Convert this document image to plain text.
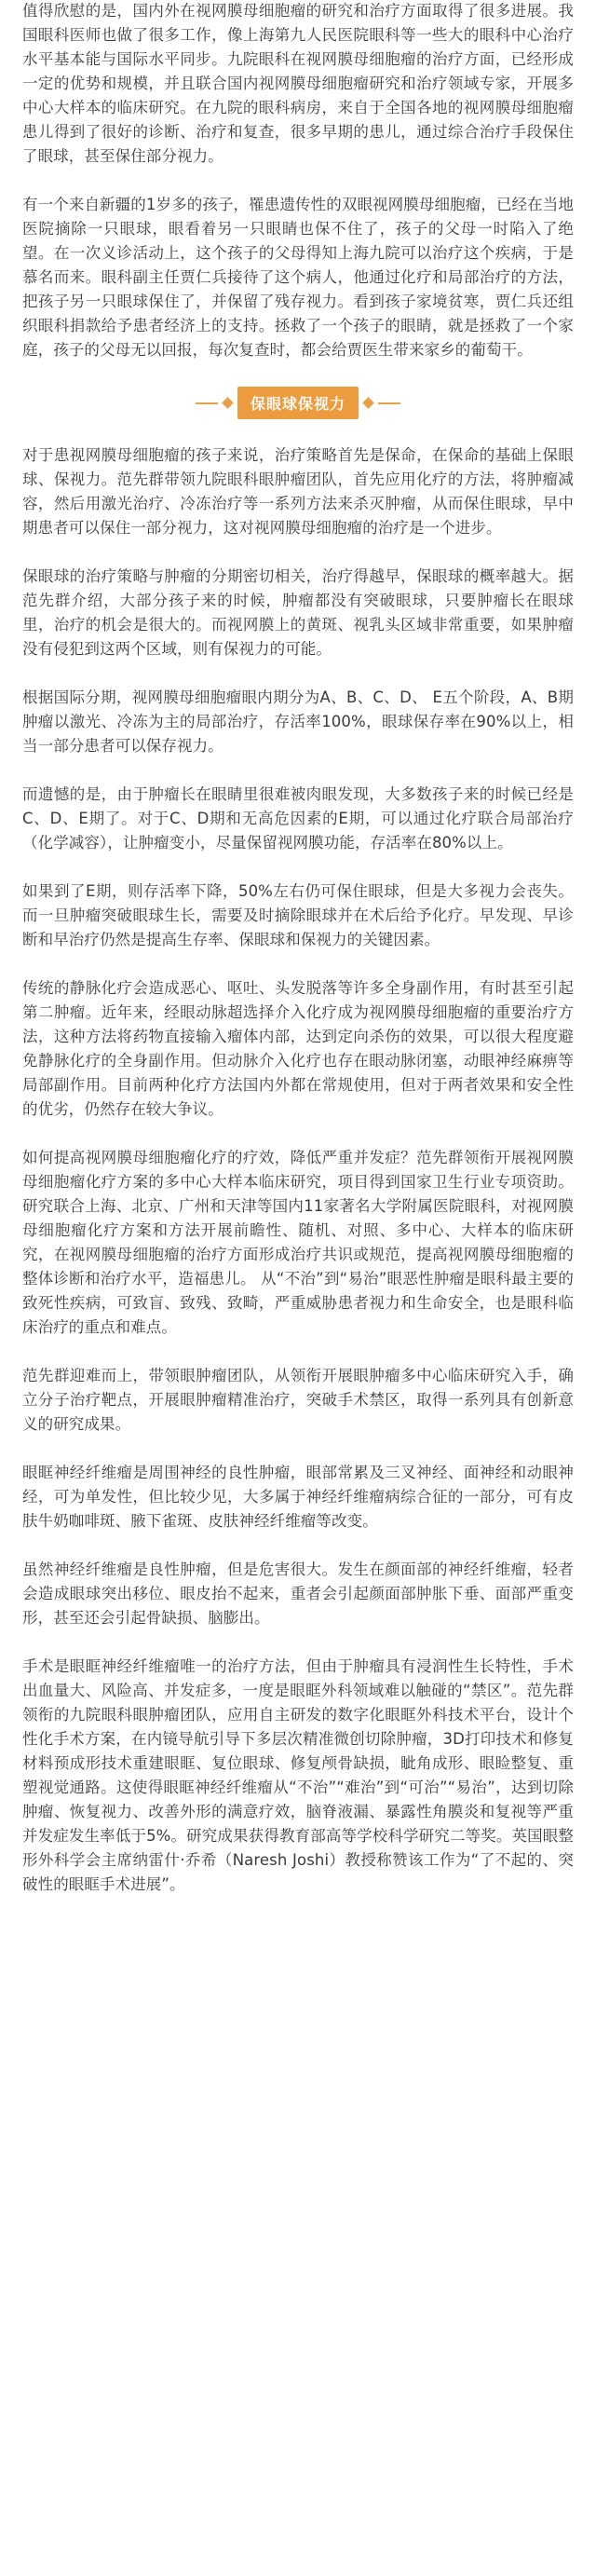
值得欣慰的是，国内外在视网膜母细胞瘤的研究和治疗方面取得了很多进展。我国眼科医师也做了很多工作，像上海第九人民医院眼科等一些大的眼科中心治疗水平基本能与国际水平同步。九院眼科在视网膜母细胞瘤的治疗方面，已经形成一定的优势和规模，并且联合国内视网膜母细胞瘤研究和治疗领域专家，开展多中心大样本的临床研究。在九院的眼科病房，来自于全国各地的视网膜母细胞瘤患儿得到了很好的诊断、治疗和复查，很多早期的患儿，通过综合治疗手段保住了眼球，甚至保住部分视力。

有一个来自新疆的1岁多的孩子，罹患遗传性的双眼视网膜母细胞瘤，已经在当地医院摘除一只眼球，眼看着另一只眼睛也保不住了，孩子的父母一时陷入了绝望。在一次义诊活动上，这个孩子的父母得知上海九院可以治疗这个疾病，于是慕名而来。眼科副主任贾仁兵接待了这个病人，他通过化疗和局部治疗的方法，把孩子另一只眼球保住了，并保留了残存视力。看到孩子家境贫寒，贾仁兵还组织眼科捐款给予患者经济上的支持。拯救了一个孩子的眼睛，就是拯救了一个家庭，孩子的父母无以回报，每次复查时，都会给贾医生带来家乡的葡萄干。

保眼球保视力

对于患视网膜母细胞瘤的孩子来说，治疗策略首先是保命，在保命的基础上保眼球、保视力。范先群带领九院眼科眼肿瘤团队，首先应用化疗的方法，将肿瘤减容，然后用激光治疗、冷冻治疗等一系列方法来杀灭肿瘤，从而保住眼球，早中期患者可以保住一部分视力，这对视网膜母细胞瘤的治疗是一个进步。

保眼球的治疗策略与肿瘤的分期密切相关，治疗得越早，保眼球的概率越大。据范先群介绍，大部分孩子来的时候，肿瘤都没有突破眼球，只要肿瘤长在眼球里，治疗的机会是很大的。而视网膜上的黄斑、视乳头区域非常重要，如果肿瘤没有侵犯到这两个区域，则有保视力的可能。

根据国际分期，视网膜母细胞瘤眼内期分为A、B、C、D、 E五个阶段，A、B期肿瘤以激光、冷冻为主的局部治疗，存活率100%，眼球保存率在90%以上，相当一部分患者可以保存视力。

而遗憾的是，由于肿瘤长在眼睛里很难被肉眼发现，大多数孩子来的时候已经是C、D、E期了。对于C、D期和无高危因素的E期，可以通过化疗联合局部治疗（化学减容），让肿瘤变小，尽量保留视网膜功能，存活率在80%以上。

如果到了E期，则存活率下降，50%左右仍可保住眼球，但是大多视力会丧失。而一旦肿瘤突破眼球生长，需要及时摘除眼球并在术后给予化疗。早发现、早诊断和早治疗仍然是提高生存率、保眼球和保视力的关键因素。

传统的静脉化疗会造成恶心、呕吐、头发脱落等许多全身副作用，有时甚至引起第二肿瘤。近年来，经眼动脉超选择介入化疗成为视网膜母细胞瘤的重要治疗方法，这种方法将药物直接输入瘤体内部，达到定向杀伤的效果，可以很大程度避免静脉化疗的全身副作用。但动脉介入化疗也存在眼动脉闭塞，动眼神经麻痹等局部副作用。目前两种化疗方法国内外都在常规使用，但对于两者效果和安全性的优劣，仍然存在较大争议。

如何提高视网膜母细胞瘤化疗的疗效，降低严重并发症？范先群领衔开展视网膜母细胞瘤化疗方案的多中心大样本临床研究，项目得到国家卫生行业专项资助。研究联合上海、北京、广州和天津等国内11家著名大学附属医院眼科，对视网膜母细胞瘤化疗方案和方法开展前瞻性、随机、对照、多中心、大样本的临床研究，在视网膜母细胞瘤的治疗方面形成治疗共识或规范，提高视网膜母细胞瘤的整体诊断和治疗水平，造福患儿。 从“不治”到“易治”眼恶性肿瘤是眼科最主要的致死性疾病，可致盲、致残、致畸，严重威胁患者视力和生命安全，也是眼科临床治疗的重点和难点。

范先群迎难而上，带领眼肿瘤团队，从领衔开展眼肿瘤多中心临床研究入手，确立分子治疗靶点，开展眼肿瘤精准治疗，突破手术禁区，取得一系列具有创新意义的研究成果。

眼眶神经纤维瘤是周围神经的良性肿瘤，眼部常累及三叉神经、面神经和动眼神经，可为单发性，但比较少见，大多属于神经纤维瘤病综合征的一部分，可有皮肤牛奶咖啡斑、腋下雀斑、皮肤神经纤维瘤等改变。

虽然神经纤维瘤是良性肿瘤，但是危害很大。发生在颜面部的神经纤维瘤，轻者会造成眼球突出移位、眼皮抬不起来，重者会引起颜面部肿胀下垂、面部严重变形，甚至还会引起骨缺损、脑膨出。

手术是眼眶神经纤维瘤唯一的治疗方法，但由于肿瘤具有浸润性生长特性，手术出血量大、风险高、并发症多，一度是眼眶外科领域难以触碰的“禁区”。范先群领衔的九院眼科眼肿瘤团队，应用自主研发的数字化眼眶外科技术平台，设计个性化手术方案，在内镜导航引导下多层次精准微创切除肿瘤，3D打印技术和修复材料预成形技术重建眼眶、复位眼球、修复颅骨缺损，眦角成形、眼睑整复、重塑视觉通路。这使得眼眶神经纤维瘤从“不治”“难治”到“可治”“易治”，达到切除肿瘤、恢复视力、改善外形的满意疗效，脑脊液漏、暴露性角膜炎和复视等严重并发症发生率低于5%。研究成果获得教育部高等学校科学研究二等奖。英国眼整形外科学会主席纳雷什·乔希（Naresh Joshi）教授称赞该工作为“了不起的、突破性的眼眶手术进展”。
